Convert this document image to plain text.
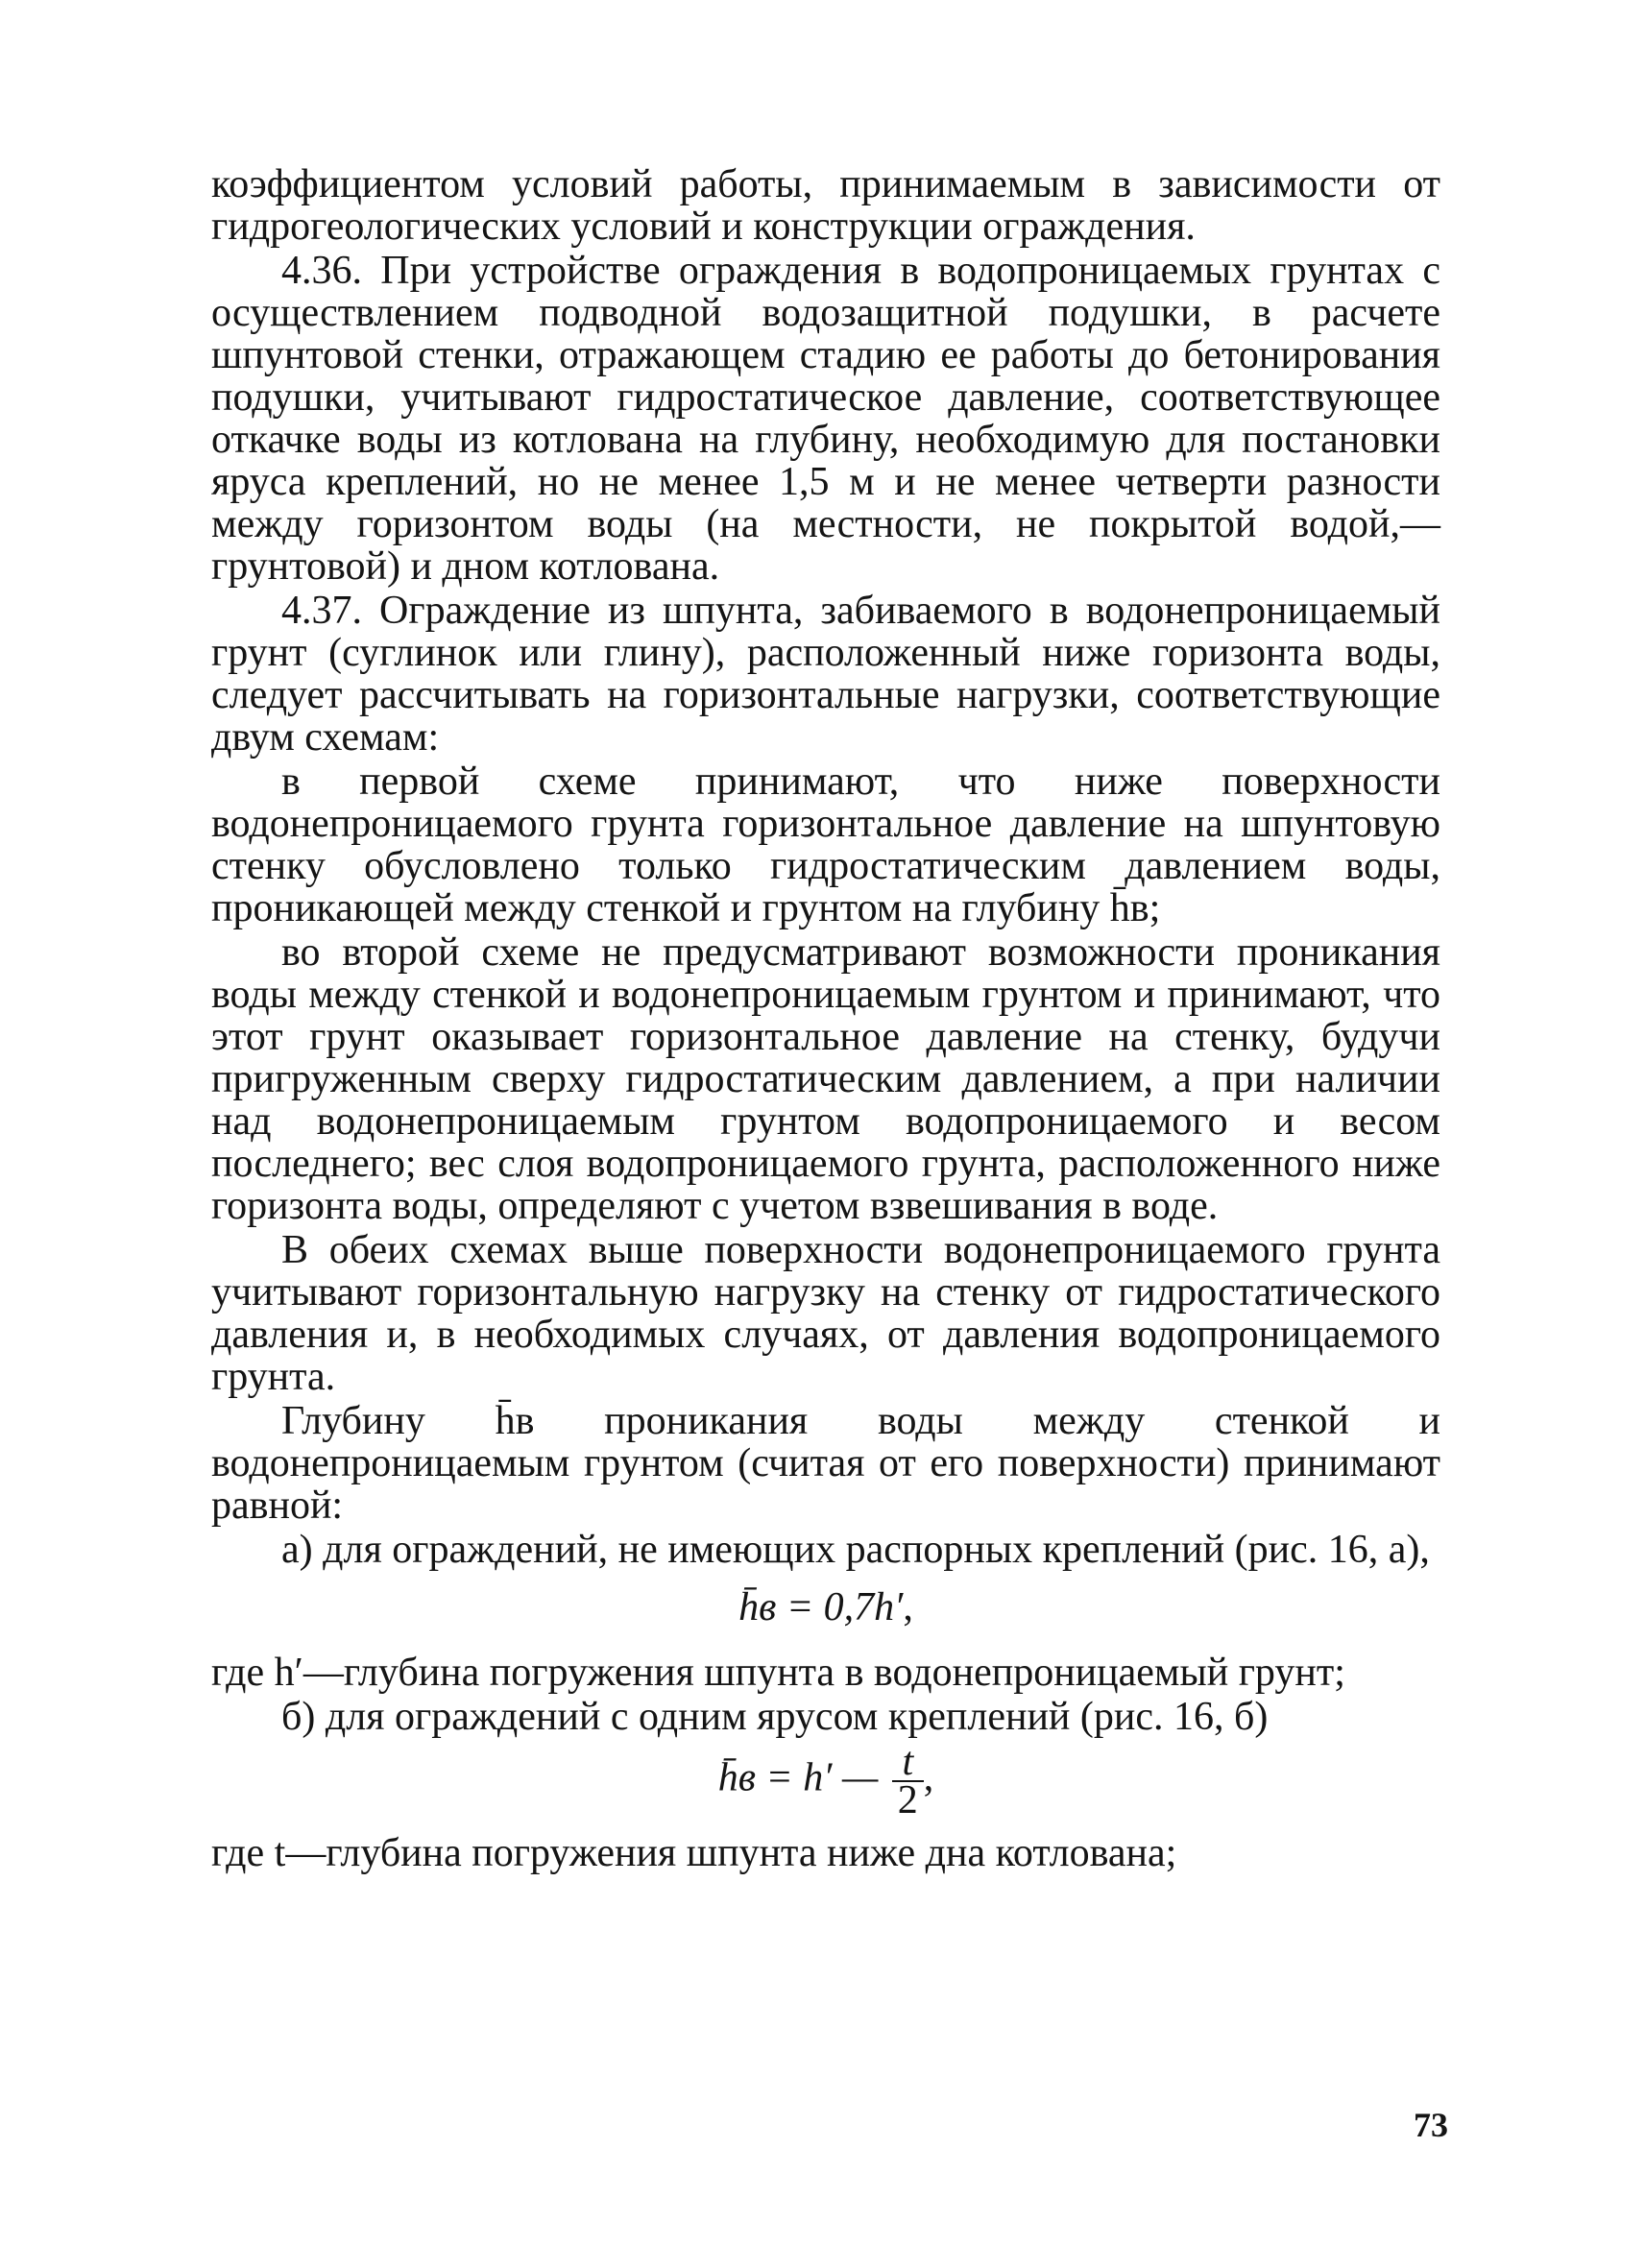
коэффициентом условий работы, принимаемым в зависимости от гидрогеологических условий и конструкции ограждения.

4.36. При устройстве ограждения в водопроницаемых грунтах с осуществлением подводной водозащитной подушки, в расчете шпунтовой стенки, отражающем стадию ее работы до бетонирования подушки, учитывают гидростатическое давление, соответствующее откачке воды из котлована на глубину, необходимую для постановки яруса креплений, но не менее 1,5 м и не менее четверти разности между горизонтом воды (на местности, не покрытой водой,—грунтовой) и дном котлована.

4.37. Ограждение из шпунта, забиваемого в водонепроницаемый грунт (суглинок или глину), расположенный ниже горизонта воды, следует рассчитывать на горизонтальные нагрузки, соответствующие двум схемам:

в первой схеме принимают, что ниже поверхности водонепроницаемого грунта горизонтальное давление на шпунтовую стенку обусловлено только гидростатическим давлением воды, проникающей между стенкой и грунтом на глубину h̄в;

во второй схеме не предусматривают возможности проникания воды между стенкой и водонепроницаемым грунтом и принимают, что этот грунт оказывает горизонтальное давление на стенку, будучи пригруженным сверху гидростатическим давлением, а при наличии над водонепроницаемым грунтом водопроницаемого и весом последнего; вес слоя водопроницаемого грунта, расположенного ниже горизонта воды, определяют с учетом взвешивания в воде.

В обеих схемах выше поверхности водонепроницаемого грунта учитывают горизонтальную нагрузку на стенку от гидростатического давления и, в необходимых случаях, от давления водопроницаемого грунта.

Глубину h̄в проникания воды между стенкой и водонепроницаемым грунтом (считая от его поверхности) принимают равной:

а) для ограждений, не имеющих распорных креплений (рис. 16, а),

h̄в = 0,7h′,

где h′—глубина погружения шпунта в водонепроницаемый грунт;

б) для ограждений с одним ярусом креплений (рис. 16, б)

h̄в = h′ — $\frac{t}{2}$ ,

где t—глубина погружения шпунта ниже дна котлована;

73
